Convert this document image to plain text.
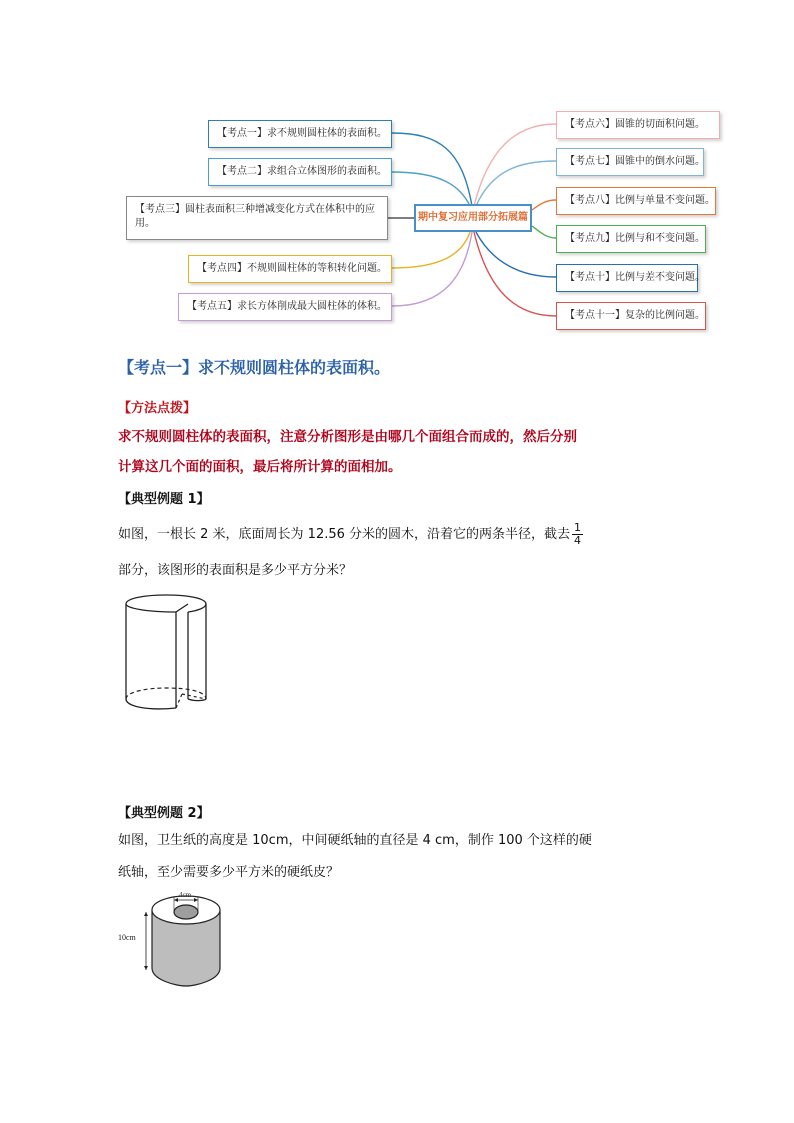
期中复习应用部分拓展篇
【考点一】求不规则圆柱体的表面积。
【考点二】求组合立体图形的表面积。
【考点三】圆柱表面积三种增减变化方式在体积中的应用。
【考点四】不规则圆柱体的等积转化问题。
【考点五】求长方体削成最大圆柱体的体积。
【考点六】圆锥的切面积问题。
【考点七】圆锥中的倒水问题。
【考点八】比例与单量不变问题。
【考点九】比例与和不变问题。
【考点十】比例与差不变问题。
【考点十一】复杂的比例问题。
【考点一】求不规则圆柱体的表面积。
【方法点拨】
求不规则圆柱体的表面积，注意分析图形是由哪几个面组合而成的，然后分别
计算这几个面的面积，最后将所计算的面相加。
【典型例题 1】
如图，一根长 2 米，底面周长为 12.56 分米的圆木，沿着它的两条半径，截去 $\frac{1}{4}$
部分，该图形的表面积是多少平方分米？
【典型例题 2】
如图，卫生纸的高度是 10cm，中间硬纸轴的直径是 4 cm，制作 100 个这样的硬
纸轴，至少需要多少平方米的硬纸皮？
4cm
10cm
